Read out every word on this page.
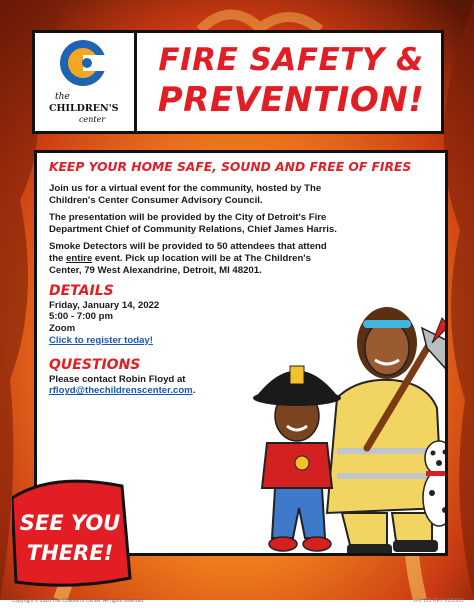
the
CHILDREN'S
center
FIRE SAFETY &
PREVENTION!
KEEP YOUR HOME SAFE, SOUND AND FREE OF FIRES

Join us for a virtual event for the community, hosted by The Children's Center Consumer Advisory Council.

The presentation will be provided by the City of Detroit's Fire Department Chief of Community Relations, Chief James Harris.

Smoke Detectors will be provided to 50 attendees that attend the entire event. Pick up location will be at The Children's Center, 79 West Alexandrine, Detroit, MI 48201.

DETAILS
Friday, January 14, 2022
5:00 - 7:00 pm
Zoom
Click to register today!
QUESTIONS
Please contact Robin Floyd at
rfloyd@thechildrenscenter.com.
SEE YOU
THERE!
Copyright © 2020 The Children's Center. All rights reserved.	JFB 125 REV 01/03/22
